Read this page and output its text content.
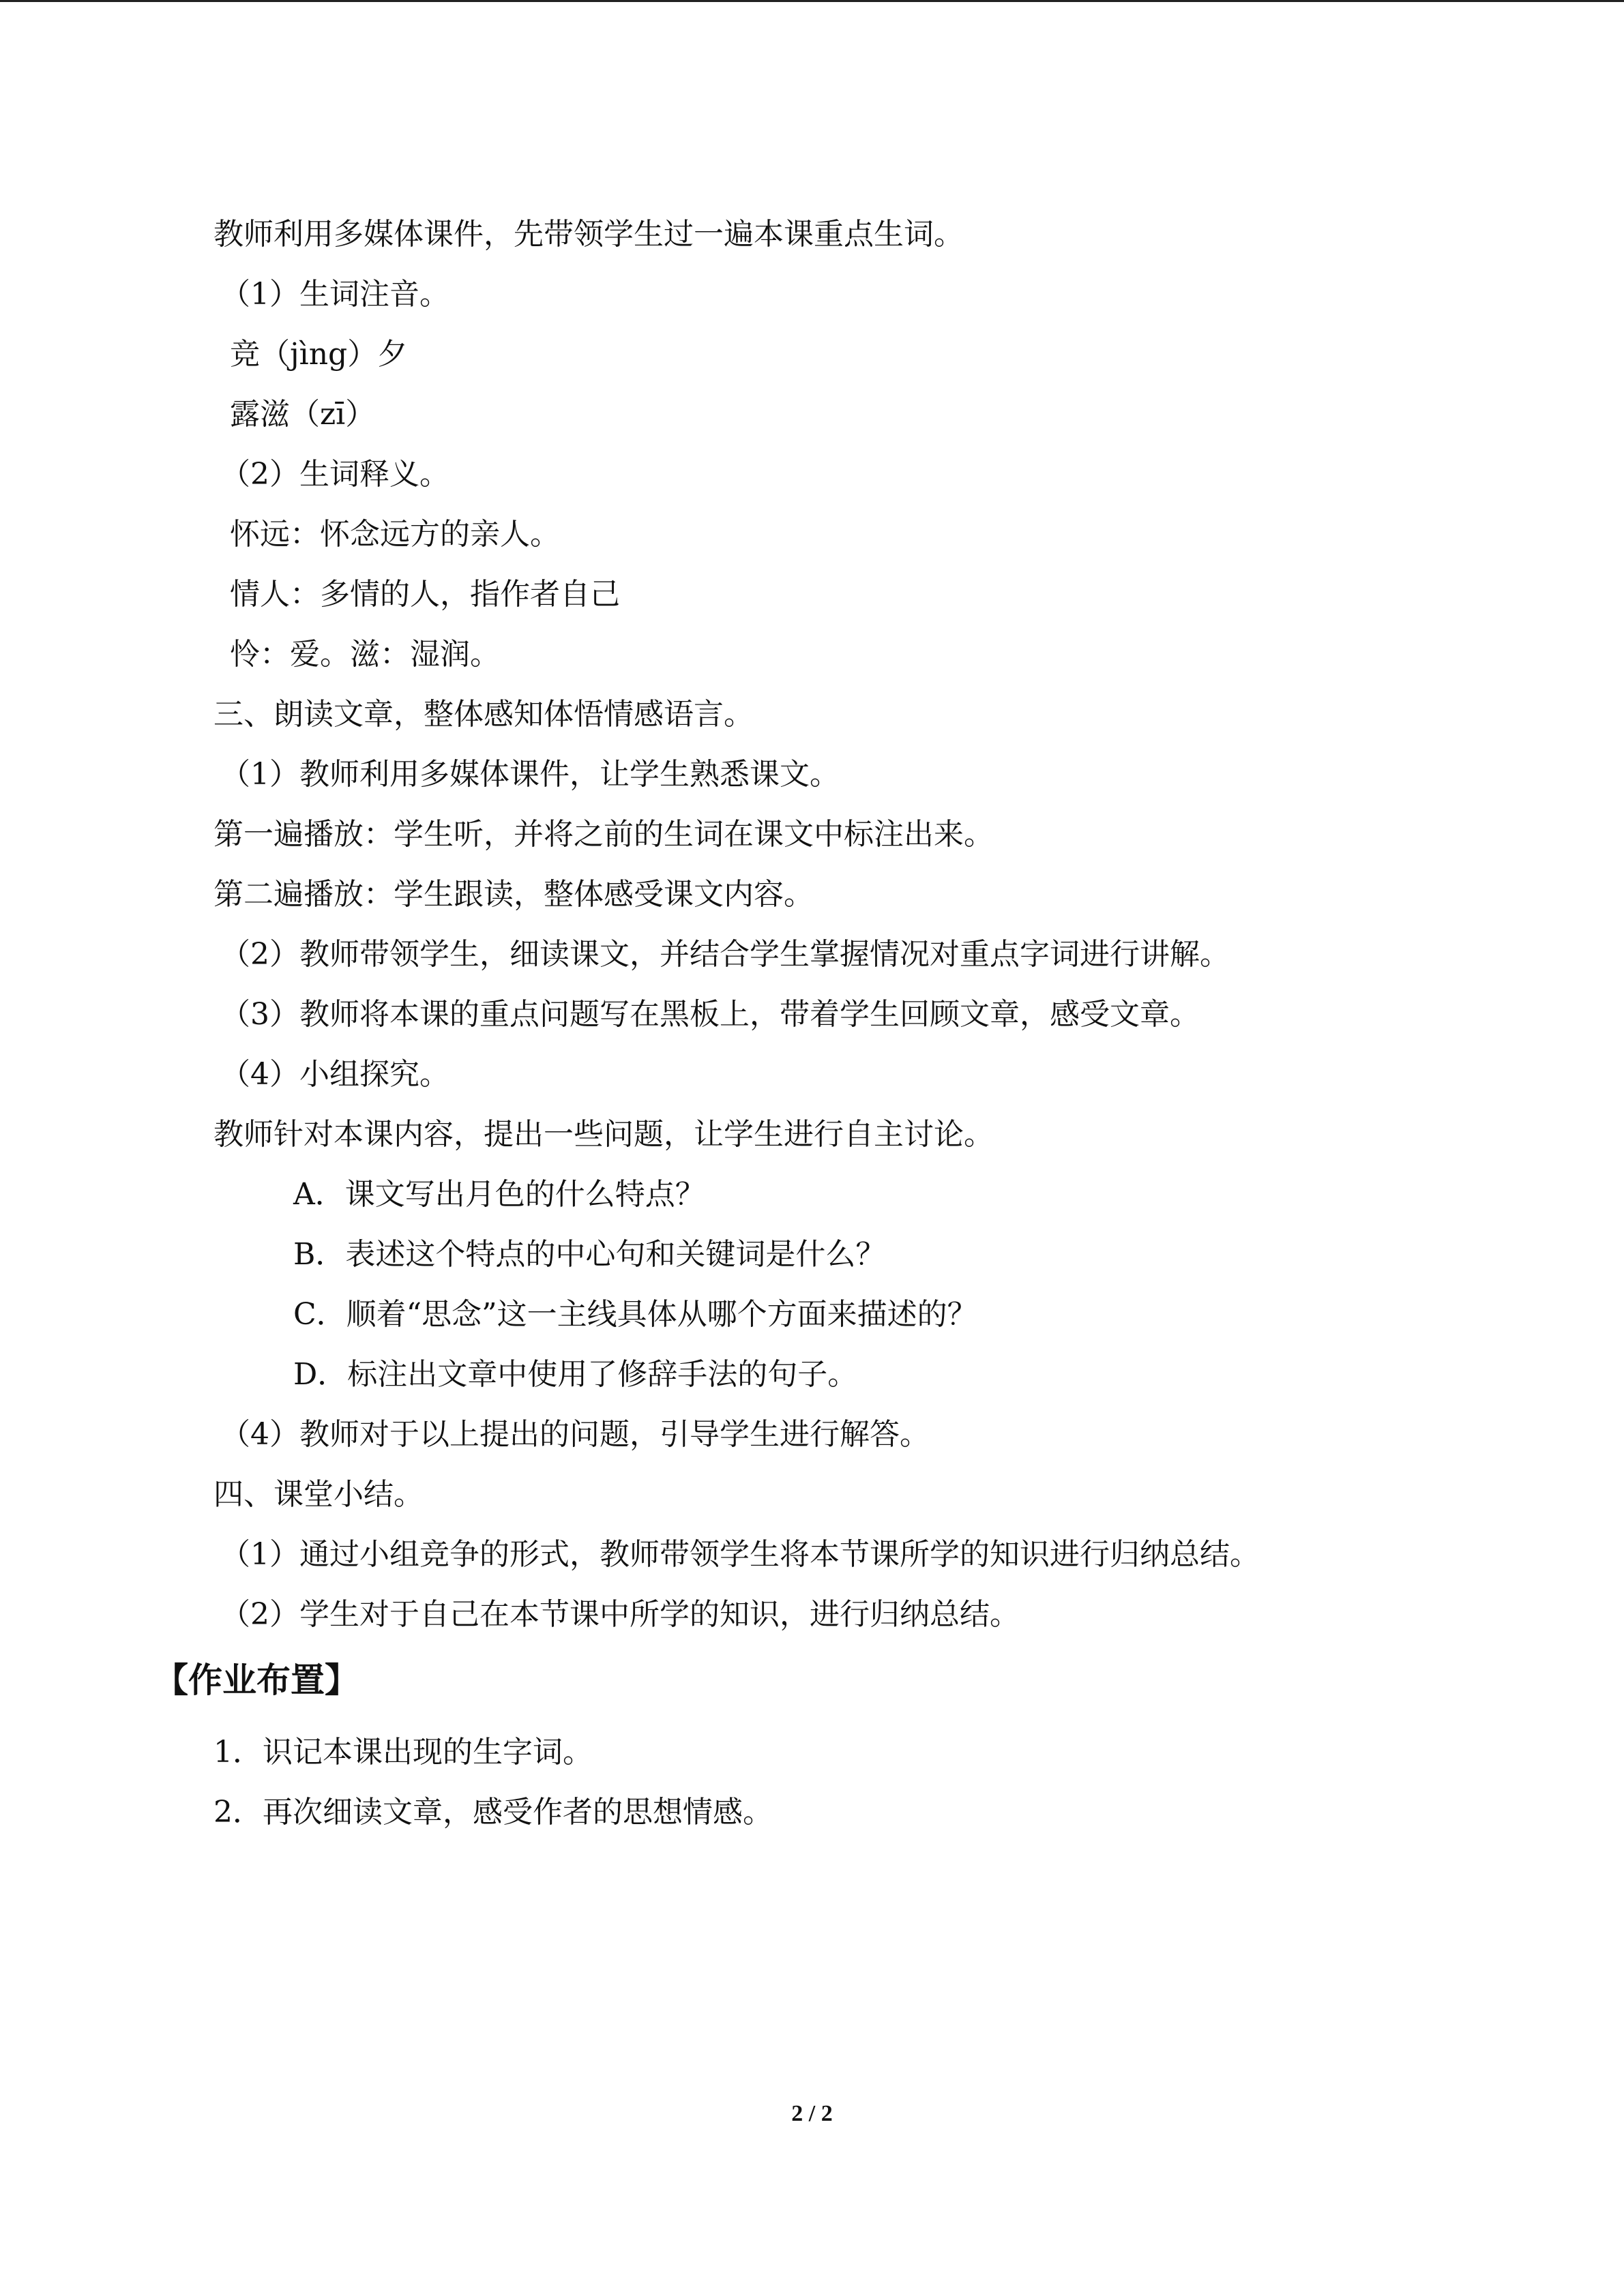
教师利用多媒体课件，先带领学生过一遍本课重点生词。
（1）生词注音。
竞（jìng）夕
露滋（zī）
（2）生词释义。
怀远：怀念远方的亲人。
情人：多情的人，指作者自己
怜：爱。滋：湿润。
三、朗读文章，整体感知体悟情感语言。
（1）教师利用多媒体课件，让学生熟悉课文。
第一遍播放：学生听，并将之前的生词在课文中标注出来。
第二遍播放：学生跟读，整体感受课文内容。
（2）教师带领学生，细读课文，并结合学生掌握情况对重点字词进行讲解。
（3）教师将本课的重点问题写在黑板上，带着学生回顾文章，感受文章。
（4）小组探究。
教师针对本课内容，提出一些问题，让学生进行自主讨论。
A．课文写出月色的什么特点？
B．表述这个特点的中心句和关键词是什么？
C．顺着“思念”这一主线具体从哪个方面来描述的？
D．标注出文章中使用了修辞手法的句子。
（4）教师对于以上提出的问题，引导学生进行解答。
四、课堂小结。
（1）通过小组竞争的形式，教师带领学生将本节课所学的知识进行归纳总结。
（2）学生对于自己在本节课中所学的知识，进行归纳总结。
【作业布置】
1．识记本课出现的生字词。
2．再次细读文章，感受作者的思想情感。
2 / 2
